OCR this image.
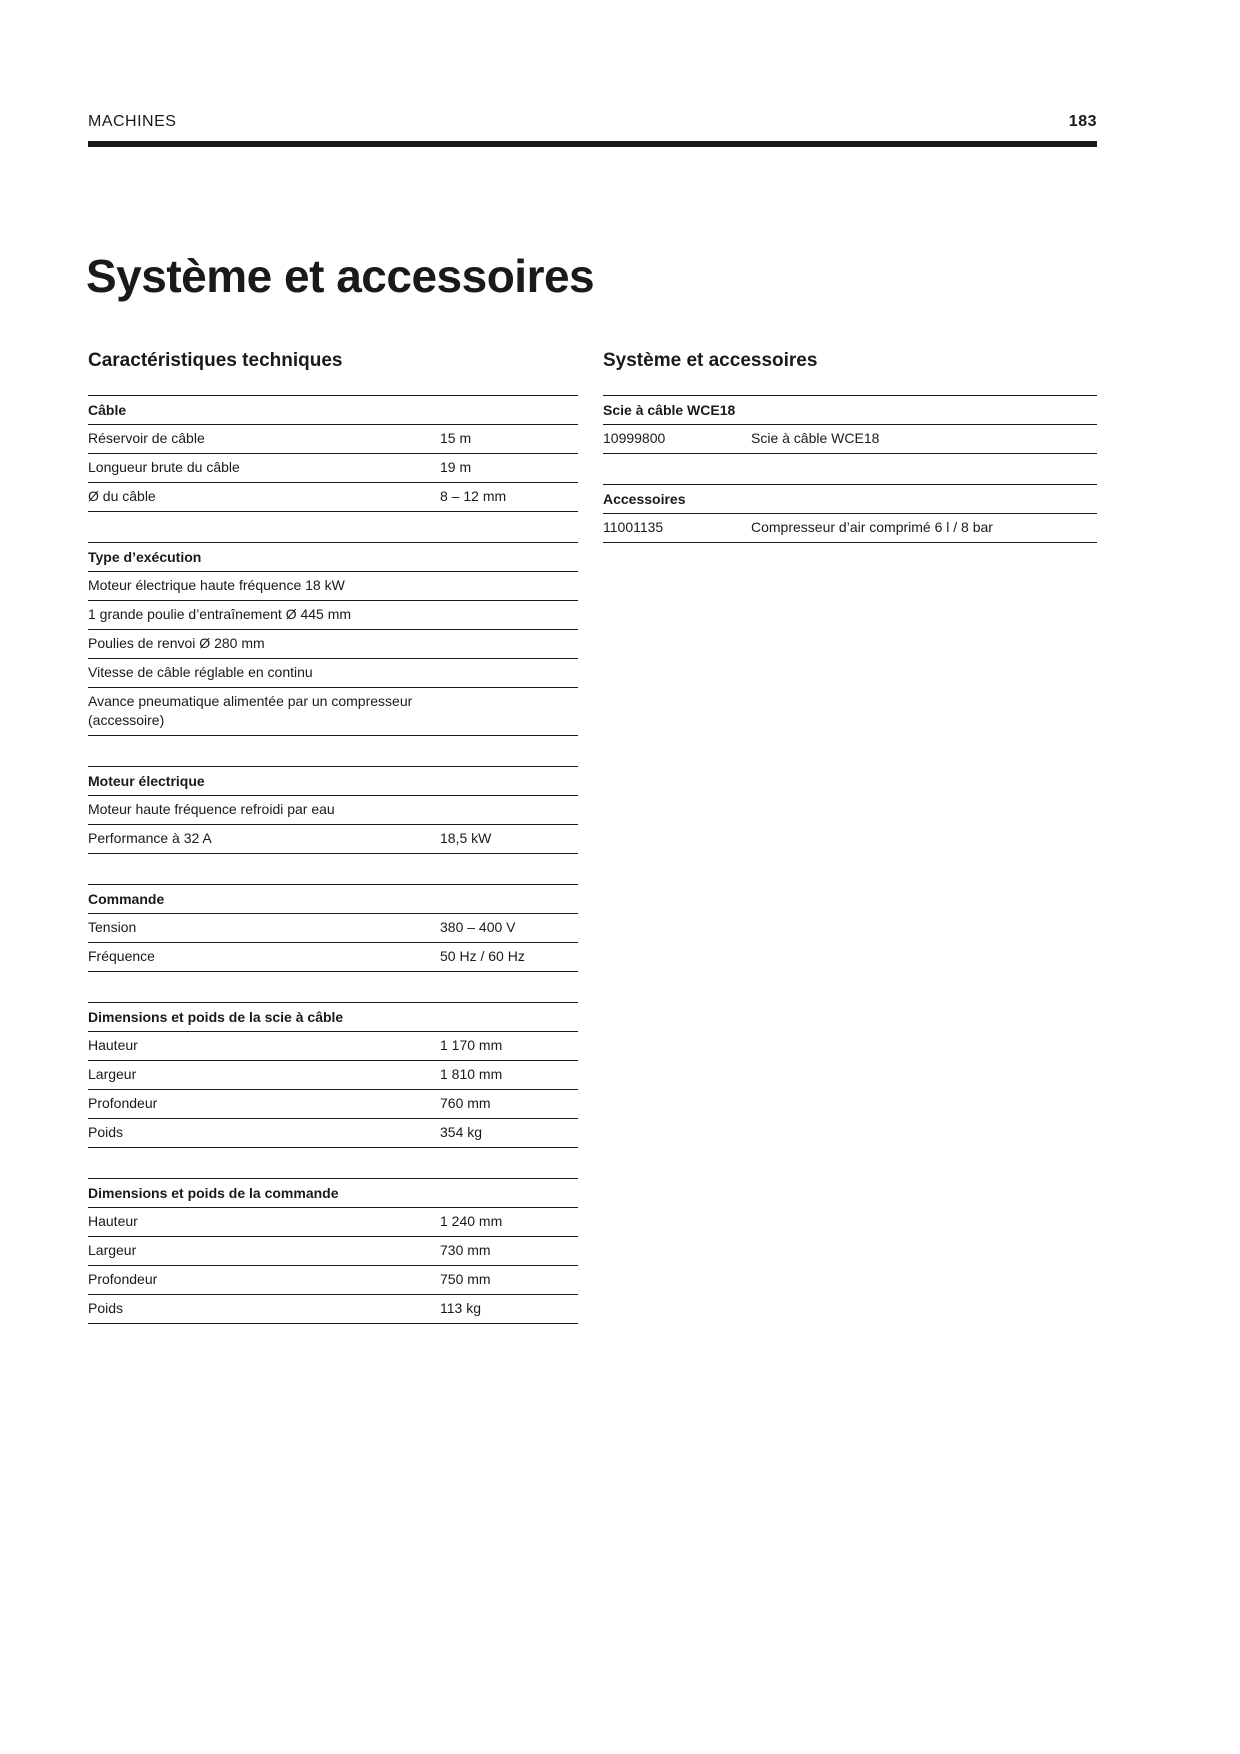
MACHINES	183
Système et accessoires
Caractéristiques techniques
Câble
Réservoir de câble	15 m
Longueur brute du câble	19 m
Ø du câble	8 – 12 mm
Type d’exécution
Moteur électrique haute fréquence 18 kW
1 grande poulie d’entraînement Ø 445 mm
Poulies de renvoi Ø 280 mm
Vitesse de câble réglable en continu
Avance pneumatique alimentée par un compresseur (accessoire)
Moteur électrique
Moteur haute fréquence refroidi par eau
Performance à 32 A	18,5 kW
Commande
Tension	380 – 400 V
Fréquence	50 Hz / 60 Hz
Dimensions et poids de la scie à câble
Hauteur	1 170 mm
Largeur	1 810 mm
Profondeur	760 mm
Poids	354 kg
Dimensions et poids de la commande
Hauteur	1 240 mm
Largeur	730 mm
Profondeur	750 mm
Poids	113 kg
Système et accessoires
Scie à câble WCE18
10999800	Scie à câble WCE18
Accessoires
11001135	Compresseur d’air comprimé 6 l / 8 bar
